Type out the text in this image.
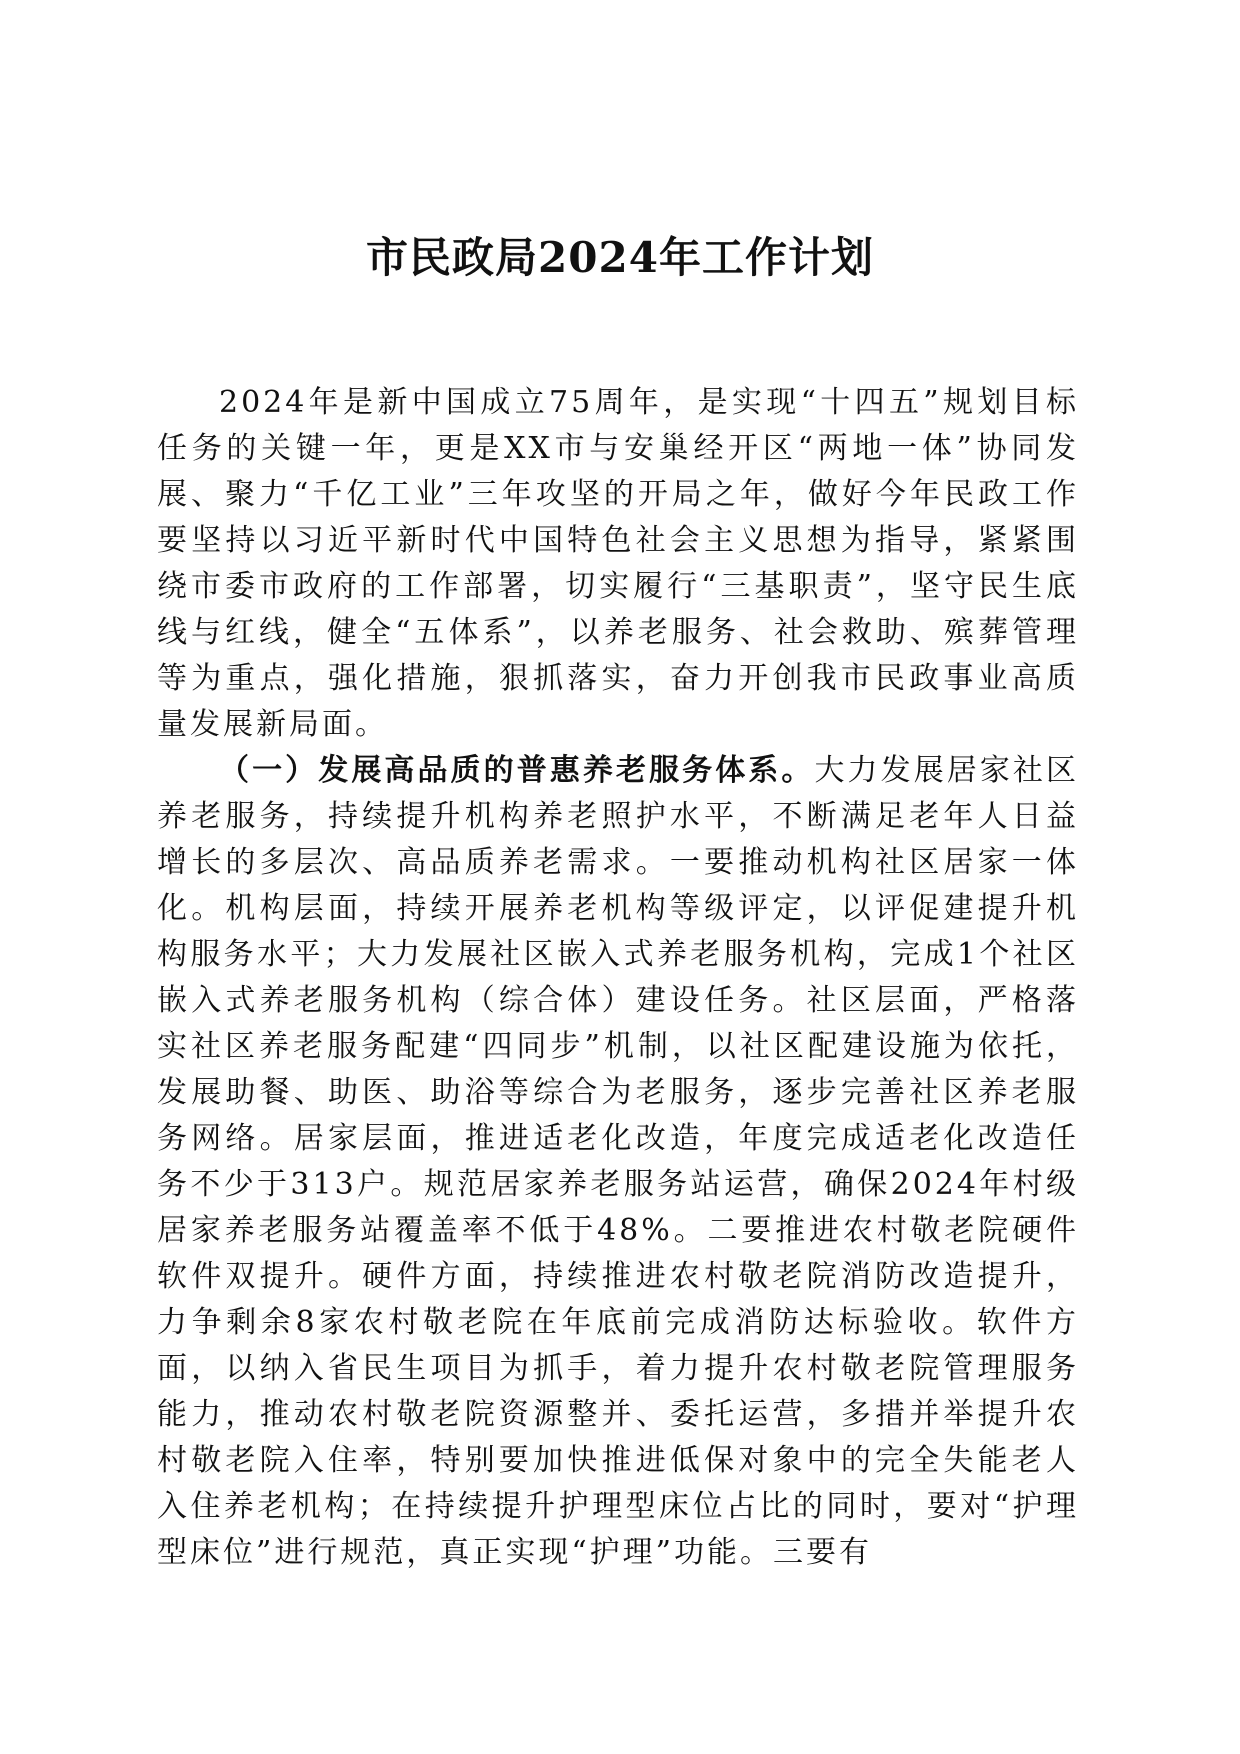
市民政局2024年工作计划

2024年是新中国成立75周年，是实现“十四五”规划目标任务的关键一年，更是XX市与安巢经开区“两地一体”协同发展、聚力“千亿工业”三年攻坚的开局之年，做好今年民政工作要坚持以习近平新时代中国特色社会主义思想为指导，紧紧围绕市委市政府的工作部署，切实履行“三基职责”，坚守民生底线与红线，健全“五体系”，以养老服务、社会救助、殡葬管理等为重点，强化措施，狠抓落实，奋力开创我市民政事业高质量发展新局面。

（一）发展高品质的普惠养老服务体系。大力发展居家社区养老服务，持续提升机构养老照护水平，不断满足老年人日益增长的多层次、高品质养老需求。一要推动机构社区居家一体化。机构层面，持续开展养老机构等级评定，以评促建提升机构服务水平；大力发展社区嵌入式养老服务机构，完成1个社区嵌入式养老服务机构（综合体）建设任务。社区层面，严格落实社区养老服务配建“四同步”机制，以社区配建设施为依托，发展助餐、助医、助浴等综合为老服务，逐步完善社区养老服务网络。居家层面，推进适老化改造，年度完成适老化改造任务不少于313户。规范居家养老服务站运营，确保2024年村级居家养老服务站覆盖率不低于48%。二要推进农村敬老院硬件软件双提升。硬件方面，持续推进农村敬老院消防改造提升，力争剩余8家农村敬老院在年底前完成消防达标验收。软件方面，以纳入省民生项目为抓手，着力提升农村敬老院管理服务能力，推动农村敬老院资源整并、委托运营，多措并举提升农村敬老院入住率，特别要加快推进低保对象中的完全失能老人入住养老机构；在持续提升护理型床位占比的同时，要对“护理型床位”进行规范，真正实现“护理”功能。三要有
